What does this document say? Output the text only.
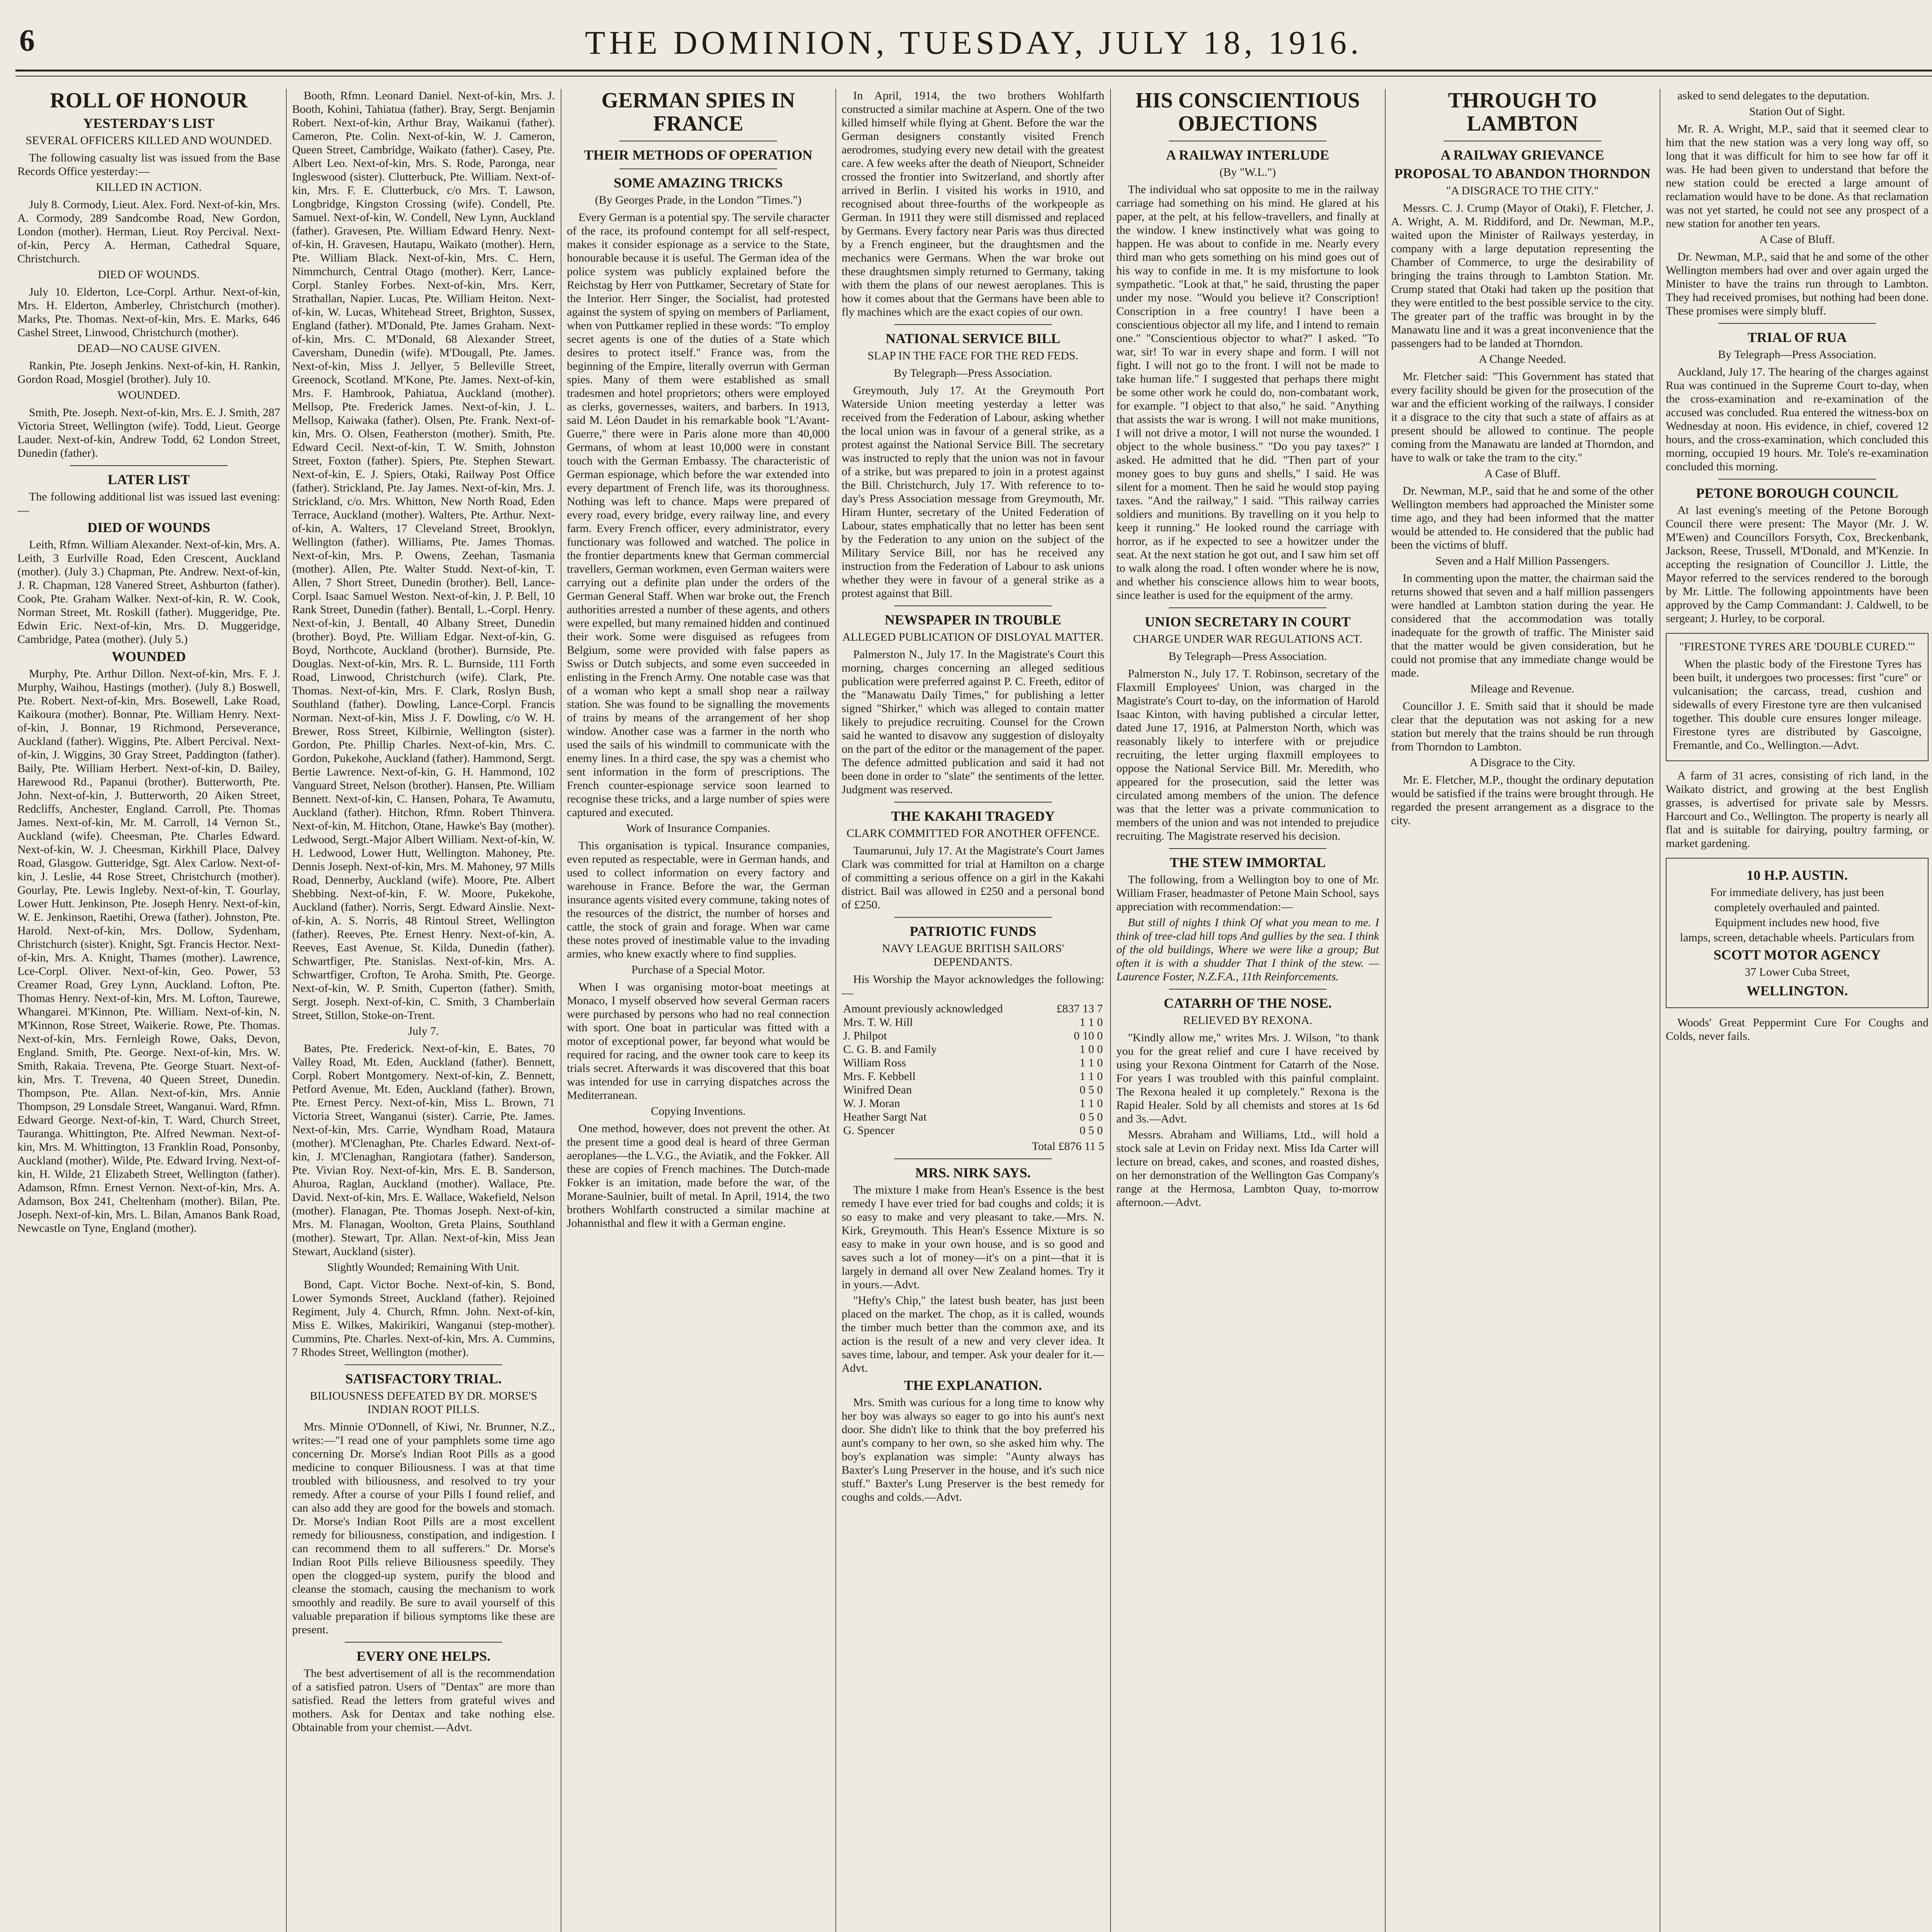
6	THE DOMINION, TUESDAY, JULY 18, 1916.

ROLL OF HONOUR

YESTERDAY'S LIST

SEVERAL OFFICERS KILLED AND WOUNDED.

The following casualty list was issued from the Base Records Office yesterday:—

KILLED IN ACTION.

July 8. Cormody, Lieut. Alex. Ford. Next-of-kin, Mrs. A. Cormody, 289 Sandcombe Road, New Gordon, London (mother). Herman, Lieut. Roy Percival. Next-of-kin, Percy A. Herman, Cathedral Square, Christchurch.

DIED OF WOUNDS.

July 10. Elderton, Lce-Corpl. Arthur. Next-of-kin, Mrs. H. Elderton, Amberley, Christchurch (mother). Marks, Pte. Thomas. Next-of-kin, Mrs. E. Marks, 646 Cashel Street, Linwood, Christchurch (mother).

DEAD—NO CAUSE GIVEN.

Rankin, Pte. Joseph Jenkins. Next-of-kin, H. Rankin, Gordon Road, Mosgiel (brother). July 10.

WOUNDED.

Smith, Pte. Joseph. Next-of-kin, Mrs. E. J. Smith, 287 Victoria Street, Wellington (wife). Todd, Lieut. George Lauder. Next-of-kin, Andrew Todd, 62 London Street, Dunedin (father).

LATER LIST

The following additional list was issued last evening:—

DIED OF WOUNDS

Leith, Rfmn. William Alexander. Next-of-kin, Mrs. A. Leith, 3 Eurlville Road, Eden Crescent, Auckland (mother). (July 3.) Chapman, Pte. Andrew. Next-of-kin, J. R. Chapman, 128 Vanered Street, Ashburton (father). Cook, Pte. Graham Walker. Next-of-kin, R. W. Cook, Norman Street, Mt. Roskill (father). Muggeridge, Pte. Edwin Eric. Next-of-kin, Mrs. D. Muggeridge, Cambridge, Patea (mother). (July 5.)

WOUNDED

Murphy, Pte. Arthur Dillon. Next-of-kin, Mrs. F. J. Murphy, Waihou, Hastings (mother). (July 8.) Boswell, Pte. Robert. Next-of-kin, Mrs. Bosewell, Lake Road, Kaikoura (mother). Bonnar, Pte. William Henry. Next-of-kin, J. Bonnar, 19 Richmond, Perseverance, Auckland (father). Wiggins, Pte. Albert Percival. Next-of-kin, J. Wiggins, 30 Gray Street, Paddington (father). Baily, Pte. William Herbert. Next-of-kin, D. Bailey, Harewood Rd., Papanui (brother). Butterworth, Pte. John. Next-of-kin, J. Butterworth, 20 Aiken Street, Redcliffs, Anchester, England. Carroll, Pte. Thomas James. Next-of-kin, Mr. M. Carroll, 14 Vernon St., Auckland (wife). Cheesman, Pte. Charles Edward. Next-of-kin, W. J. Cheesman, Kirkhill Place, Dalvey Road, Glasgow. Gutteridge, Sgt. Alex Carlow. Next-of-kin, J. Leslie, 44 Rose Street, Christchurch (mother). Gourlay, Pte. Lewis Ingleby. Next-of-kin, T. Gourlay, Lower Hutt. Jenkinson, Pte. Joseph Henry. Next-of-kin, W. E. Jenkinson, Raetihi, Orewa (father). Johnston, Pte. Harold. Next-of-kin, Mrs. Dollow, Sydenham, Christchurch (sister). Knight, Sgt. Francis Hector. Next-of-kin, Mrs. A. Knight, Thames (mother). Lawrence, Lce-Corpl. Oliver. Next-of-kin, Geo. Power, 53 Creamer Road, Grey Lynn, Auckland. Lofton, Pte. Thomas Henry. Next-of-kin, Mrs. M. Lofton, Taurewe, Whangarei. M'Kinnon, Pte. William. Next-of-kin, N. M'Kinnon, Rose Street, Waikerie. Rowe, Pte. Thomas. Next-of-kin, Mrs. Fernleigh Rowe, Oaks, Devon, England. Smith, Pte. George. Next-of-kin, Mrs. W. Smith, Rakaia. Trevena, Pte. George Stuart. Next-of-kin, Mrs. T. Trevena, 40 Queen Street, Dunedin. Thompson, Pte. Allan. Next-of-kin, Mrs. Annie Thompson, 29 Lonsdale Street, Wanganui. Ward, Rfmn. Edward George. Next-of-kin, T. Ward, Church Street, Tauranga. Whittington, Pte. Alfred Newman. Next-of-kin, Mrs. M. Whittington, 13 Franklin Road, Ponsonby, Auckland (mother). Wilde, Pte. Edward Irving. Next-of-kin, H. Wilde, 21 Elizabeth Street, Wellington (father). Adamson, Rfmn. Ernest Vernon. Next-of-kin, Mrs. A. Adamson, Box 241, Cheltenham (mother). Bilan, Pte. Joseph. Next-of-kin, Mrs. L. Bilan, Amanos Bank Road, Newcastle on Tyne, England (mother).

Booth, Rfmn. Leonard Daniel. Next-of-kin, Mrs. J. Booth, Kohini, Tahiatua (father). Bray, Sergt. Benjamin Robert. Next-of-kin, Arthur Bray, Waikanui (father). Cameron, Pte. Colin. Next-of-kin, W. J. Cameron, Queen Street, Cambridge, Waikato (father). Casey, Pte. Albert Leo. Next-of-kin, Mrs. S. Rode, Paronga, near Ingleswood (sister). Clutterbuck, Pte. William. Next-of-kin, Mrs. F. E. Clutterbuck, c/o Mrs. T. Lawson, Longbridge, Kingston Crossing (wife). Condell, Pte. Samuel. Next-of-kin, W. Condell, New Lynn, Auckland (father). Gravesen, Pte. William Edward Henry. Next-of-kin, H. Gravesen, Hautapu, Waikato (mother). Hern, Pte. William Black. Next-of-kin, Mrs. C. Hern, Nimmchurch, Central Otago (mother). Kerr, Lance-Corpl. Stanley Forbes. Next-of-kin, Mrs. Kerr, Strathallan, Napier. Lucas, Pte. William Heiton. Next-of-kin, W. Lucas, Whitehead Street, Brighton, Sussex, England (father). M'Donald, Pte. James Graham. Next-of-kin, Mrs. C. M'Donald, 68 Alexander Street, Caversham, Dunedin (wife). M'Dougall, Pte. James. Next-of-kin, Miss J. Jellyer, 5 Belleville Street, Greenock, Scotland. M'Kone, Pte. James. Next-of-kin, Mrs. F. Hambrook, Pahiatua, Auckland (mother). Mellsop, Pte. Frederick James. Next-of-kin, J. L. Mellsop, Kaiwaka (father). Olsen, Pte. Frank. Next-of-kin, Mrs. O. Olsen, Featherston (mother). Smith, Pte. Edward Cecil. Next-of-kin, T. W. Smith, Johnston Street, Foxton (father). Spiers, Pte. Stephen Stewart. Next-of-kin, E. J. Spiers, Otaki, Railway Post Office (father). Strickland, Pte. Jay James. Next-of-kin, Mrs. J. Strickland, c/o. Mrs. Whitton, New North Road, Eden Terrace, Auckland (mother). Walters, Pte. Arthur. Next-of-kin, A. Walters, 17 Cleveland Street, Brooklyn, Wellington (father). Williams, Pte. James Thomas. Next-of-kin, Mrs. P. Owens, Zeehan, Tasmania (mother). Allen, Pte. Walter Studd. Next-of-kin, T. Allen, 7 Short Street, Dunedin (brother). Bell, Lance-Corpl. Isaac Samuel Weston. Next-of-kin, J. P. Bell, 10 Rank Street, Dunedin (father). Bentall, L.-Corpl. Henry. Next-of-kin, J. Bentall, 40 Albany Street, Dunedin (brother). Boyd, Pte. William Edgar. Next-of-kin, G. Boyd, Northcote, Auckland (brother). Burnside, Pte. Douglas. Next-of-kin, Mrs. R. L. Burnside, 111 Forth Road, Linwood, Christchurch (wife). Clark, Pte. Thomas. Next-of-kin, Mrs. F. Clark, Roslyn Bush, Southland (father). Dowling, Lance-Corpl. Francis Norman. Next-of-kin, Miss J. F. Dowling, c/o W. H. Brewer, Ross Street, Kilbirnie, Wellington (sister). Gordon, Pte. Phillip Charles. Next-of-kin, Mrs. C. Gordon, Pukekohe, Auckland (father). Hammond, Sergt. Bertie Lawrence. Next-of-kin, G. H. Hammond, 102 Vanguard Street, Nelson (brother). Hansen, Pte. William Bennett. Next-of-kin, C. Hansen, Pohara, Te Awamutu, Auckland (father). Hitchon, Rfmn. Robert Thinvera. Next-of-kin, M. Hitchon, Otane, Hawke's Bay (mother). Ledwood, Sergt.-Major Albert William. Next-of-kin, W. H. Ledwood, Lower Hutt, Wellington. Mahoney, Pte. Dennis Joseph. Next-of-kin, Mrs. M. Mahoney, 97 Mills Road, Dennerby, Auckland (wife). Moore, Pte. Albert Shebbing. Next-of-kin, F. W. Moore, Pukekohe, Auckland (father). Norris, Sergt. Edward Ainslie. Next-of-kin, A. S. Norris, 48 Rintoul Street, Wellington (father). Reeves, Pte. Ernest Henry. Next-of-kin, A. Reeves, East Avenue, St. Kilda, Dunedin (father). Schwartfiger, Pte. Stanislas. Next-of-kin, Mrs. A. Schwartfiger, Crofton, Te Aroha. Smith, Pte. George. Next-of-kin, W. P. Smith, Cuperton (father). Smith, Sergt. Joseph. Next-of-kin, C. Smith, 3 Chamberlain Street, Stillon, Stoke-on-Trent.

July 7.

Bates, Pte. Frederick. Next-of-kin, E. Bates, 70 Valley Road, Mt. Eden, Auckland (father). Bennett, Corpl. Robert Montgomery. Next-of-kin, Z. Bennett, Petford Avenue, Mt. Eden, Auckland (father). Brown, Pte. Ernest Percy. Next-of-kin, Miss L. Brown, 71 Victoria Street, Wanganui (sister). Carrie, Pte. James. Next-of-kin, Mrs. Carrie, Wyndham Road, Mataura (mother). M'Clenaghan, Pte. Charles Edward. Next-of-kin, J. M'Clenaghan, Rangiotara (father). Sanderson, Pte. Vivian Roy. Next-of-kin, Mrs. E. B. Sanderson, Ahuroa, Raglan, Auckland (mother). Wallace, Pte. David. Next-of-kin, Mrs. E. Wallace, Wakefield, Nelson (mother). Flanagan, Pte. Thomas Joseph. Next-of-kin, Mrs. M. Flanagan, Woolton, Greta Plains, Southland (mother). Stewart, Tpr. Allan. Next-of-kin, Miss Jean Stewart, Auckland (sister).

Slightly Wounded; Remaining With Unit.

Bond, Capt. Victor Boche. Next-of-kin, S. Bond, Lower Symonds Street, Auckland (father). Rejoined Regiment, July 4. Church, Rfmn. John. Next-of-kin, Miss E. Wilkes, Makirikiri, Wanganui (step-mother). Cummins, Pte. Charles. Next-of-kin, Mrs. A. Cummins, 7 Rhodes Street, Wellington (mother).

SATISFACTORY TRIAL.

BILIOUSNESS DEFEATED BY DR. MORSE'S INDIAN ROOT PILLS.

Mrs. Minnie O'Donnell, of Kiwi, Nr. Brunner, N.Z., writes:—"I read one of your pamphlets some time ago concerning Dr. Morse's Indian Root Pills as a good medicine to conquer Biliousness. I was at that time troubled with biliousness, and resolved to try your remedy. After a course of your Pills I found relief, and can also add they are good for the bowels and stomach. Dr. Morse's Indian Root Pills are a most excellent remedy for biliousness, constipation, and indigestion. I can recommend them to all sufferers." Dr. Morse's Indian Root Pills relieve Biliousness speedily. They open the clogged-up system, purify the blood and cleanse the stomach, causing the mechanism to work smoothly and readily. Be sure to avail yourself of this valuable preparation if bilious symptoms like these are present.

EVERY ONE HELPS.

The best advertisement of all is the recommendation of a satisfied patron. Users of "Dentax" are more than satisfied. Read the letters from grateful wives and mothers. Ask for Dentax and take nothing else. Obtainable from your chemist.—Advt.

GERMAN SPIES IN FRANCE

THEIR METHODS OF OPERATION

SOME AMAZING TRICKS

(By Georges Prade, in the London "Times.")

Every German is a potential spy. The servile character of the race, its profound contempt for all self-respect, makes it consider espionage as a service to the State, honourable because it is useful. The German idea of the police system was publicly explained before the Reichstag by Herr von Puttkamer, Secretary of State for the Interior. Herr Singer, the Socialist, had protested against the system of spying on members of Parliament, when von Puttkamer replied in these words: "To employ secret agents is one of the duties of a State which desires to protect itself." France was, from the beginning of the Empire, literally overrun with German spies. Many of them were established as small tradesmen and hotel proprietors; others were employed as clerks, governesses, waiters, and barbers. In 1913, said M. Léon Daudet in his remarkable book "L'Avant-Guerre," there were in Paris alone more than 40,000 Germans, of whom at least 10,000 were in constant touch with the German Embassy. The characteristic of German espionage, which before the war extended into every department of French life, was its thoroughness. Nothing was left to chance. Maps were prepared of every road, every bridge, every railway line, and every farm. Every French officer, every administrator, every functionary was followed and watched. The police in the frontier departments knew that German commercial travellers, German workmen, even German waiters were carrying out a definite plan under the orders of the German General Staff. When war broke out, the French authorities arrested a number of these agents, and others were expelled, but many remained hidden and continued their work. Some were disguised as refugees from Belgium, some were provided with false papers as Swiss or Dutch subjects, and some even succeeded in enlisting in the French Army. One notable case was that of a woman who kept a small shop near a railway station. She was found to be signalling the movements of trains by means of the arrangement of her shop window. Another case was a farmer in the north who used the sails of his windmill to communicate with the enemy lines. In a third case, the spy was a chemist who sent information in the form of prescriptions. The French counter-espionage service soon learned to recognise these tricks, and a large number of spies were captured and executed.

Work of Insurance Companies.

This organisation is typical. Insurance companies, even reputed as respectable, were in German hands, and used to collect information on every factory and warehouse in France. Before the war, the German insurance agents visited every commune, taking notes of the resources of the district, the number of horses and cattle, the stock of grain and forage. When war came these notes proved of inestimable value to the invading armies, who knew exactly where to find supplies.

Purchase of a Special Motor.

When I was organising motor-boat meetings at Monaco, I myself observed how several German racers were purchased by persons who had no real connection with sport. One boat in particular was fitted with a motor of exceptional power, far beyond what would be required for racing, and the owner took care to keep its trials secret. Afterwards it was discovered that this boat was intended for use in carrying dispatches across the Mediterranean.

Copying Inventions.

One method, however, does not prevent the other. At the present time a good deal is heard of three German aeroplanes—the L.V.G., the Aviatik, and the Fokker. All these are copies of French machines. The Dutch-made Fokker is an imitation, made before the war, of the Morane-Saulnier, built of metal. In April, 1914, the two brothers Wohlfarth constructed a similar machine at Johannisthal and flew it with a German engine.

In April, 1914, the two brothers Wohlfarth constructed a similar machine at Aspern. One of the two killed himself while flying at Ghent. Before the war the German designers constantly visited French aerodromes, studying every new detail with the greatest care. A few weeks after the death of Nieuport, Schneider crossed the frontier into Switzerland, and shortly after arrived in Berlin. I visited his works in 1910, and recognised about three-fourths of the workpeople as German. In 1911 they were still dismissed and replaced by Germans. Every factory near Paris was thus directed by a French engineer, but the draughtsmen and the mechanics were Germans. When the war broke out these draughtsmen simply returned to Germany, taking with them the plans of our newest aeroplanes. This is how it comes about that the Germans have been able to fly machines which are the exact copies of our own.

NATIONAL SERVICE BILL

SLAP IN THE FACE FOR THE RED FEDS.

By Telegraph—Press Association.

Greymouth, July 17. At the Greymouth Port Waterside Union meeting yesterday a letter was received from the Federation of Labour, asking whether the local union was in favour of a general strike, as a protest against the National Service Bill. The secretary was instructed to reply that the union was not in favour of a strike, but was prepared to join in a protest against the Bill. Christchurch, July 17. With reference to to-day's Press Association message from Greymouth, Mr. Hiram Hunter, secretary of the United Federation of Labour, states emphatically that no letter has been sent by the Federation to any union on the subject of the Military Service Bill, nor has he received any instruction from the Federation of Labour to ask unions whether they were in favour of a general strike as a protest against that Bill.

NEWSPAPER IN TROUBLE

ALLEGED PUBLICATION OF DISLOYAL MATTER.

Palmerston N., July 17. In the Magistrate's Court this morning, charges concerning an alleged seditious publication were preferred against P. C. Freeth, editor of the "Manawatu Daily Times," for publishing a letter signed "Shirker," which was alleged to contain matter likely to prejudice recruiting. Counsel for the Crown said he wanted to disavow any suggestion of disloyalty on the part of the editor or the management of the paper. The defence admitted publication and said it had not been done in order to "slate" the sentiments of the letter. Judgment was reserved.

THE KAKAHI TRAGEDY

CLARK COMMITTED FOR ANOTHER OFFENCE.

Taumarunui, July 17. At the Magistrate's Court James Clark was committed for trial at Hamilton on a charge of committing a serious offence on a girl in the Kakahi district. Bail was allowed in £250 and a personal bond of £250.

PATRIOTIC FUNDS

NAVY LEAGUE BRITISH SAILORS' DEPENDANTS.

His Worship the Mayor acknowledges the following:—

Amount previously acknowledged	£837 13 7
Mrs. T. W. Hill	1 1 0
J. Philpot	0 10 0
C. G. B. and Family	1 0 0
William Ross	1 1 0
Mrs. F. Kebbell	1 1 0
Winifred Dean	0 5 0
W. J. Moran	1 1 0
Heather Sargt Nat	0 5 0
G. Spencer	0 5 0

Total £876 11 5

MRS. NIRK SAYS.

The mixture I make from Hean's Essence is the best remedy I have ever tried for bad coughs and colds; it is so easy to make and very pleasant to take.—Mrs. N. Kirk, Greymouth. This Hean's Essence Mixture is so easy to make in your own house, and is so good and saves such a lot of money—it's on a pint—that it is largely in demand all over New Zealand homes. Try it in yours.—Advt.

"Hefty's Chip," the latest bush beater, has just been placed on the market. The chop, as it is called, wounds the timber much better than the common axe, and its action is the result of a new and very clever idea. It saves time, labour, and temper. Ask your dealer for it.—Advt.

THE EXPLANATION.

Mrs. Smith was curious for a long time to know why her boy was always so eager to go into his aunt's next door. She didn't like to think that the boy preferred his aunt's company to her own, so she asked him why. The boy's explanation was simple: "Aunty always has Baxter's Lung Preserver in the house, and it's such nice stuff." Baxter's Lung Preserver is the best remedy for coughs and colds.—Advt.

HIS CONSCIENTIOUS OBJECTIONS

A RAILWAY INTERLUDE

(By "W.L.")

The individual who sat opposite to me in the railway carriage had something on his mind. He glared at his paper, at the pelt, at his fellow-travellers, and finally at the window. I knew instinctively what was going to happen. He was about to confide in me. Nearly every third man who gets something on his mind goes out of his way to confide in me. It is my misfortune to look sympathetic. "Look at that," he said, thrusting the paper under my nose. "Would you believe it? Conscription! Conscription in a free country! I have been a conscientious objector all my life, and I intend to remain one." "Conscientious objector to what?" I asked. "To war, sir! To war in every shape and form. I will not fight. I will not go to the front. I will not be made to take human life." I suggested that perhaps there might be some other work he could do, non-combatant work, for example. "I object to that also," he said. "Anything that assists the war is wrong. I will not make munitions, I will not drive a motor, I will not nurse the wounded. I object to the whole business." "Do you pay taxes?" I asked. He admitted that he did. "Then part of your money goes to buy guns and shells," I said. He was silent for a moment. Then he said he would stop paying taxes. "And the railway," I said. "This railway carries soldiers and munitions. By travelling on it you help to keep it running." He looked round the carriage with horror, as if he expected to see a howitzer under the seat. At the next station he got out, and I saw him set off to walk along the road. I often wonder where he is now, and whether his conscience allows him to wear boots, since leather is used for the equipment of the army.

UNION SECRETARY IN COURT

CHARGE UNDER WAR REGULATIONS ACT.

By Telegraph—Press Association.

Palmerston N., July 17. T. Robinson, secretary of the Flaxmill Employees' Union, was charged in the Magistrate's Court to-day, on the information of Harold Isaac Kinton, with having published a circular letter, dated June 17, 1916, at Palmerston North, which was reasonably likely to interfere with or prejudice recruiting, the letter urging flaxmill employees to oppose the National Service Bill. Mr. Meredith, who appeared for the prosecution, said the letter was circulated among members of the union. The defence was that the letter was a private communication to members of the union and was not intended to prejudice recruiting. The Magistrate reserved his decision.

THE STEW IMMORTAL

The following, from a Wellington boy to one of Mr. William Fraser, headmaster of Petone Main School, says appreciation with recommendation:—

But still of nights I think Of what you mean to me. I think of tree-clad hill tops And gullies by the sea. I think of the old buildings, Where we were like a group; But often it is with a shudder That I think of the stew. — Laurence Foster, N.Z.F.A., 11th Reinforcements.

CATARRH OF THE NOSE.

RELIEVED BY REXONA.

"Kindly allow me," writes Mrs. J. Wilson, "to thank you for the great relief and cure I have received by using your Rexona Ointment for Catarrh of the Nose. For years I was troubled with this painful complaint. The Rexona healed it up completely." Rexona is the Rapid Healer. Sold by all chemists and stores at 1s 6d and 3s.—Advt.

Messrs. Abraham and Williams, Ltd., will hold a stock sale at Levin on Friday next. Miss Ida Carter will lecture on bread, cakes, and scones, and roasted dishes, on her demonstration of the Wellington Gas Company's range at the Hermosa, Lambton Quay, to-morrow afternoon.—Advt.

THROUGH TO LAMBTON

A RAILWAY GRIEVANCE

PROPOSAL TO ABANDON THORNDON

"A DISGRACE TO THE CITY."

Messrs. C. J. Crump (Mayor of Otaki), F. Fletcher, J. A. Wright, A. M. Riddiford, and Dr. Newman, M.P., waited upon the Minister of Railways yesterday, in company with a large deputation representing the Chamber of Commerce, to urge the desirability of bringing the trains through to Lambton Station. Mr. Crump stated that Otaki had taken up the position that they were entitled to the best possible service to the city. The greater part of the traffic was brought in by the Manawatu line and it was a great inconvenience that the passengers had to be landed at Thorndon.

A Change Needed.

Mr. Fletcher said: "This Government has stated that every facility should be given for the prosecution of the war and the efficient working of the railways. I consider it a disgrace to the city that such a state of affairs as at present should be allowed to continue. The people coming from the Manawatu are landed at Thorndon, and have to walk or take the tram to the city."

A Case of Bluff.

Dr. Newman, M.P., said that he and some of the other Wellington members had approached the Minister some time ago, and they had been informed that the matter would be attended to. He considered that the public had been the victims of bluff.

Seven and a Half Million Passengers.

In commenting upon the matter, the chairman said the returns showed that seven and a half million passengers were handled at Lambton station during the year. He considered that the accommodation was totally inadequate for the growth of traffic. The Minister said that the matter would be given consideration, but he could not promise that any immediate change would be made.

Mileage and Revenue.

Councillor J. E. Smith said that it should be made clear that the deputation was not asking for a new station but merely that the trains should be run through from Thorndon to Lambton.

A Disgrace to the City.

Mr. E. Fletcher, M.P., thought the ordinary deputation would be satisfied if the trains were brought through. He regarded the present arrangement as a disgrace to the city.

asked to send delegates to the deputation.

Station Out of Sight.

Mr. R. A. Wright, M.P., said that it seemed clear to him that the new station was a very long way off, so long that it was difficult for him to see how far off it was. He had been given to understand that before the new station could be erected a large amount of reclamation would have to be done. As that reclamation was not yet started, he could not see any prospect of a new station for another ten years.

A Case of Bluff.

Dr. Newman, M.P., said that he and some of the other Wellington members had over and over again urged the Minister to have the trains run through to Lambton. They had received promises, but nothing had been done. These promises were simply bluff.

TRIAL OF RUA

By Telegraph—Press Association.

Auckland, July 17. The hearing of the charges against Rua was continued in the Supreme Court to-day, when the cross-examination and re-examination of the accused was concluded. Rua entered the witness-box on Wednesday at noon. His evidence, in chief, covered 12 hours, and the cross-examination, which concluded this morning, occupied 19 hours. Mr. Tole's re-examination concluded this morning.

PETONE BOROUGH COUNCIL

At last evening's meeting of the Petone Borough Council there were present: The Mayor (Mr. J. W. M'Ewen) and Councillors Forsyth, Cox, Breckenbank, Jackson, Reese, Trussell, M'Donald, and M'Kenzie. In accepting the resignation of Councillor J. Little, the Mayor referred to the services rendered to the borough by Mr. Little. The following appointments have been approved by the Camp Commandant: J. Caldwell, to be sergeant; J. Hurley, to be corporal.

"FIRESTONE TYRES ARE 'DOUBLE CURED.'"

When the plastic body of the Firestone Tyres has been built, it undergoes two processes: first "cure" or vulcanisation; the carcass, tread, cushion and sidewalls of every Firestone tyre are then vulcanised together. This double cure ensures longer mileage. Firestone tyres are distributed by Gascoigne, Fremantle, and Co., Wellington.—Advt.

A farm of 31 acres, consisting of rich land, in the Waikato district, and growing at the best English grasses, is advertised for private sale by Messrs. Harcourt and Co., Wellington. The property is nearly all flat and is suitable for dairying, poultry farming, or market gardening.

10 H.P. AUSTIN.

For immediate delivery, has just been

completely overhauled and painted.

Equipment includes new hood, five

lamps, screen, detachable wheels. Particulars from

SCOTT MOTOR AGENCY

37 Lower Cuba Street,

WELLINGTON.

Woods' Great Peppermint Cure For Coughs and Colds, never fails.
